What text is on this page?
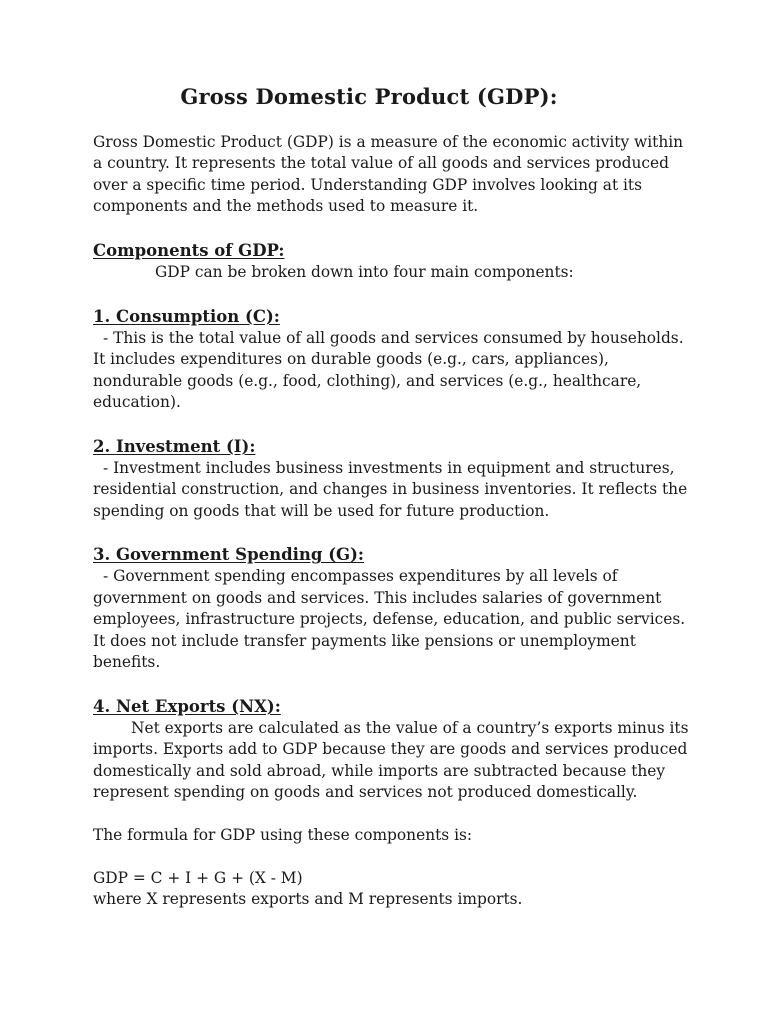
Gross Domestic Product (GDP):

Gross Domestic Product (GDP) is a measure of the economic activity within a country. It represents the total value of all goods and services produced over a specific time period. Understanding GDP involves looking at its components and the methods used to measure it.

Components of GDP:

GDP can be broken down into four main components:

1. Consumption (C):

- This is the total value of all goods and services consumed by households. It includes expenditures on durable goods (e.g., cars, appliances), nondurable goods (e.g., food, clothing), and services (e.g., healthcare, education).

2. Investment (I):

- Investment includes business investments in equipment and structures, residential construction, and changes in business inventories. It reflects the spending on goods that will be used for future production.

3. Government Spending (G):

- Government spending encompasses expenditures by all levels of government on goods and services. This includes salaries of government employees, infrastructure projects, defense, education, and public services. It does not include transfer payments like pensions or unemployment benefits.

4. Net Exports (NX):

Net exports are calculated as the value of a country’s exports minus its imports. Exports add to GDP because they are goods and services produced domestically and sold abroad, while imports are subtracted because they represent spending on goods and services not produced domestically.

The formula for GDP using these components is:

GDP = C + I + G + (X - M)

where X represents exports and M represents imports.
